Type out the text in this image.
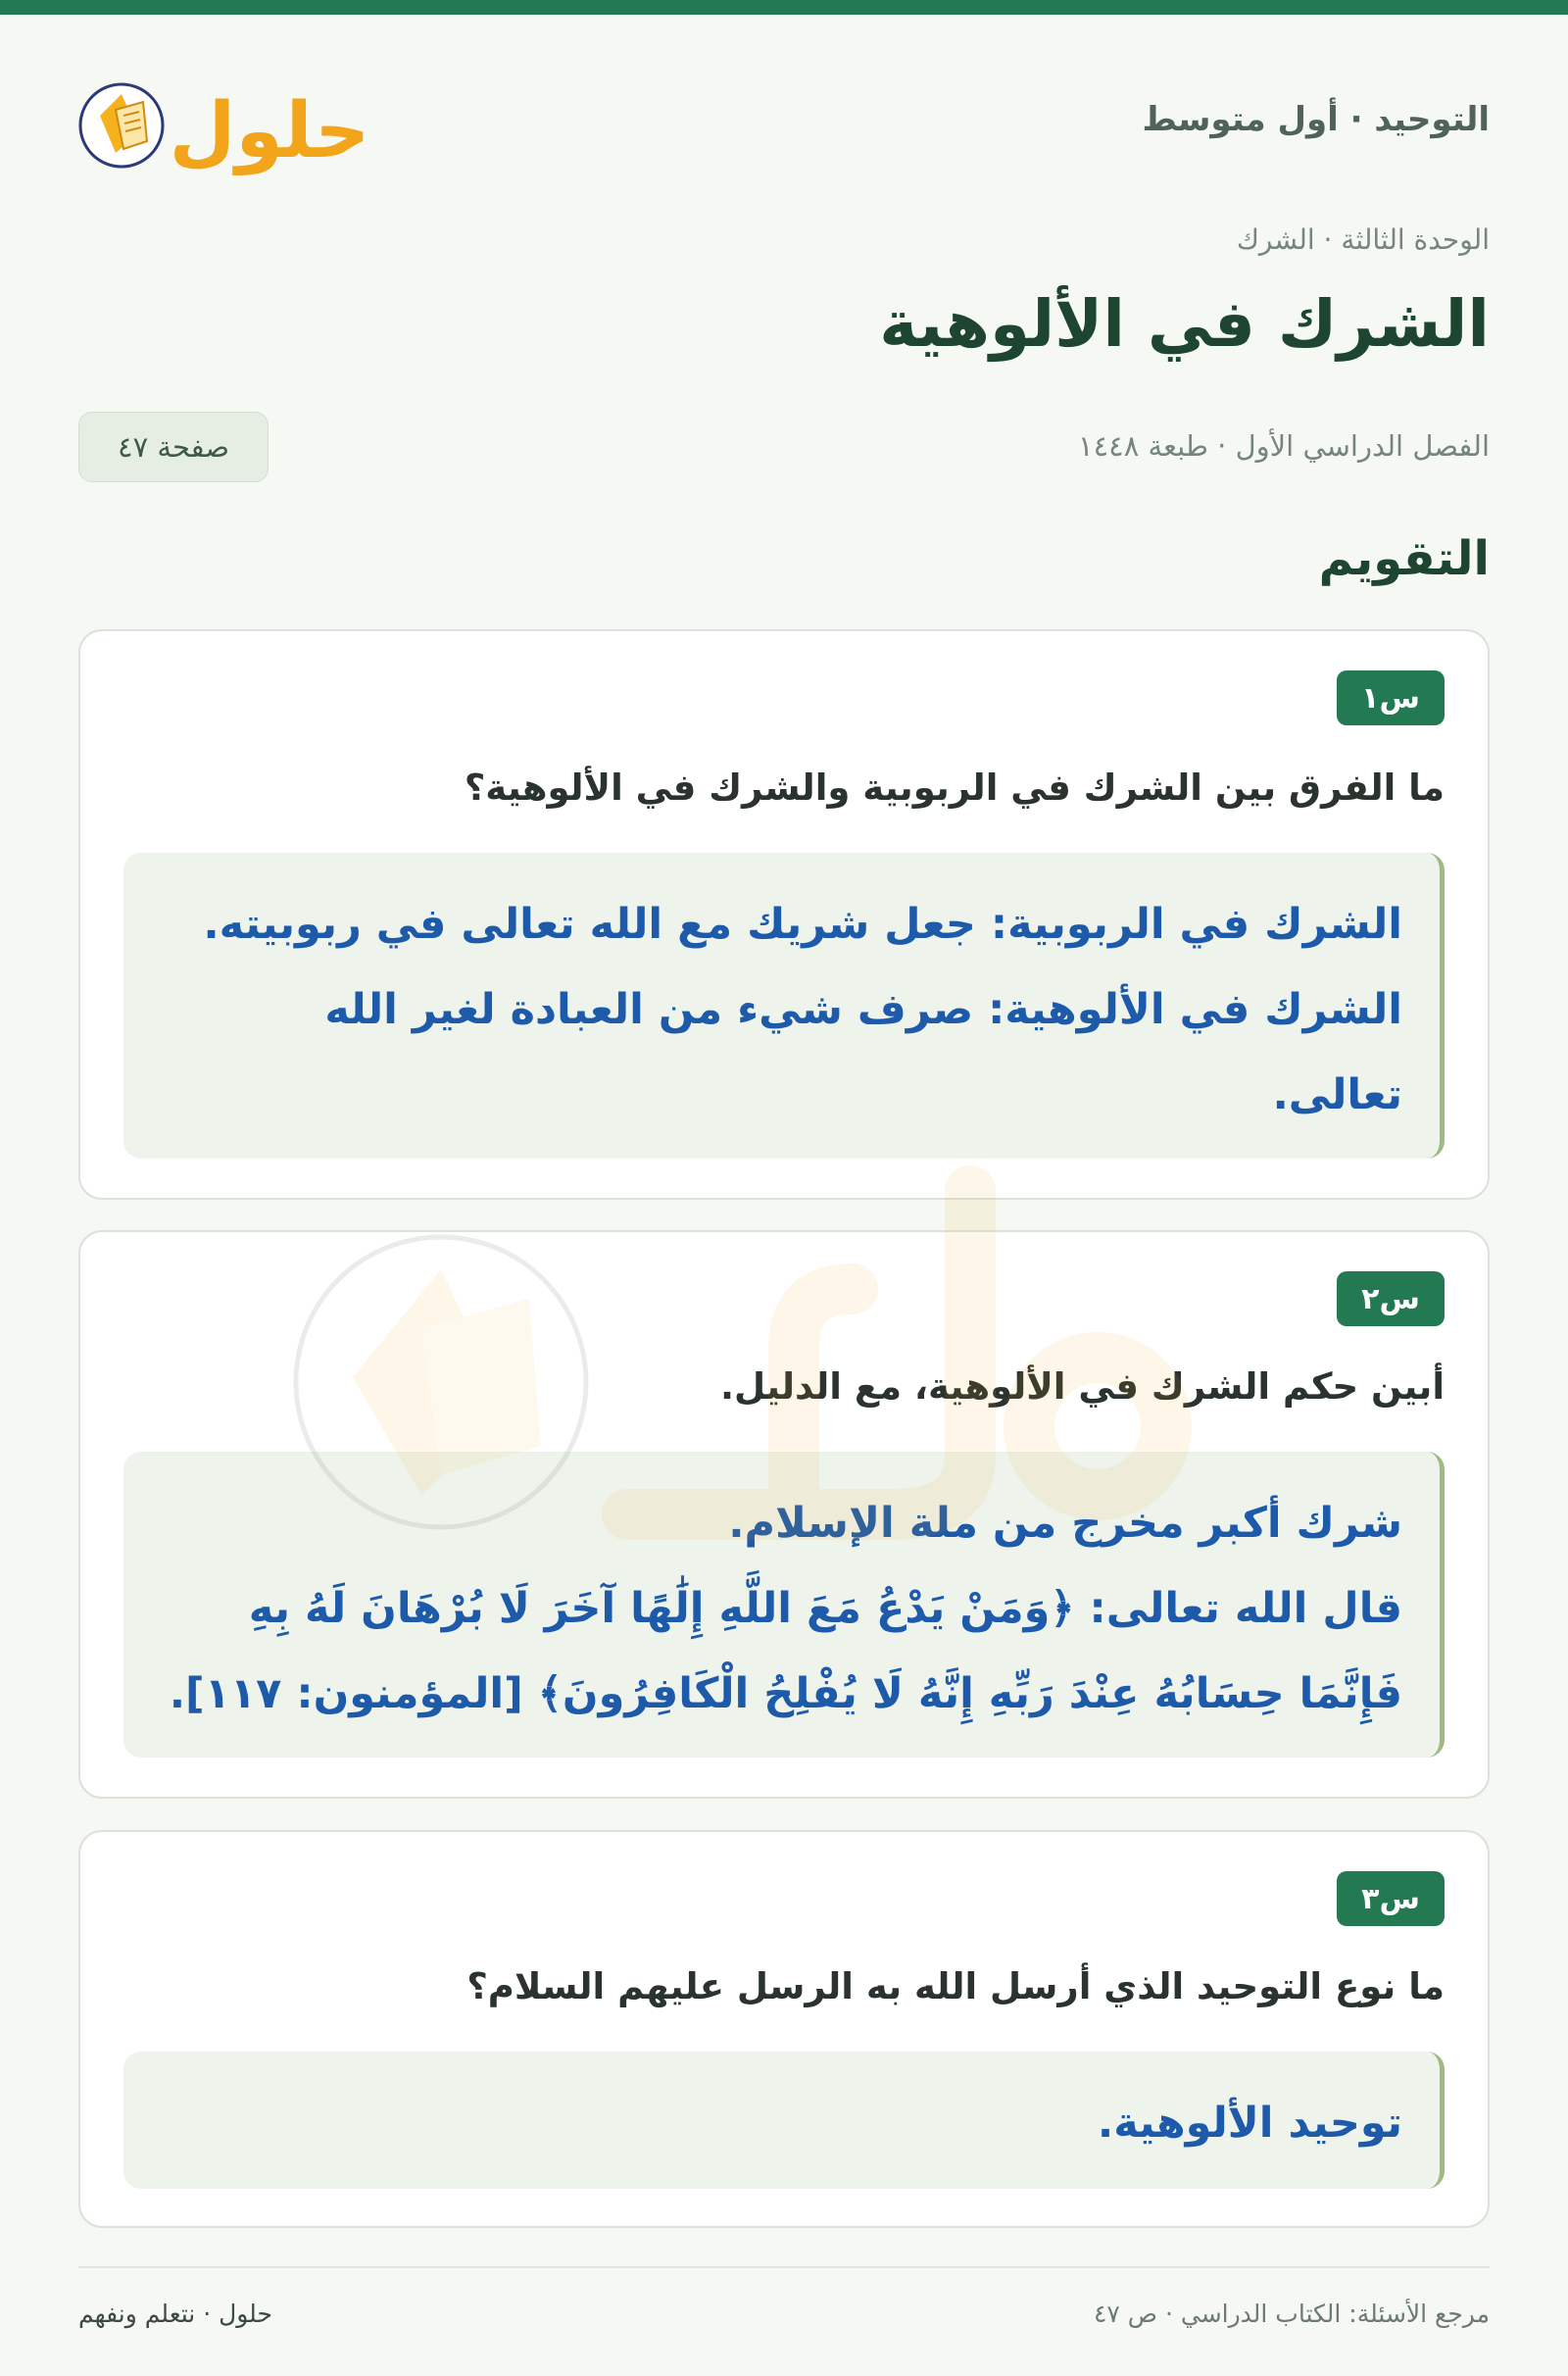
التوحيد · أول متوسط
حلول
الوحدة الثالثة · الشرك
الشرك في الألوهية
الفصل الدراسي الأول · طبعة ١٤٤٨
صفحة ٤٧
التقويم
س١
ما الفرق بين الشرك في الربوبية والشرك في الألوهية؟

الشرك في الربوبية: جعل شريك مع الله تعالى في ربوبيته.

الشرك في الألوهية: صرف شيء من العبادة لغير الله

تعالى.

س٢
أبين حكم الشرك في الألوهية، مع الدليل.

شرك أكبر مخرج من ملة الإسلام.

قال الله تعالى: ﴿وَمَنْ يَدْعُ مَعَ اللَّهِ إِلَٰهًا آخَرَ لَا بُرْهَانَ لَهُ بِهِ

فَإِنَّمَا حِسَابُهُ عِنْدَ رَبِّهِ إِنَّهُ لَا يُفْلِحُ الْكَافِرُونَ﴾ [المؤمنون: ١١٧].

س٣
ما نوع التوحيد الذي أرسل الله به الرسل عليهم السلام؟

توحيد الألوهية.

مرجع الأسئلة: الكتاب الدراسي · ص ٤٧
حلول · نتعلم ونفهم
